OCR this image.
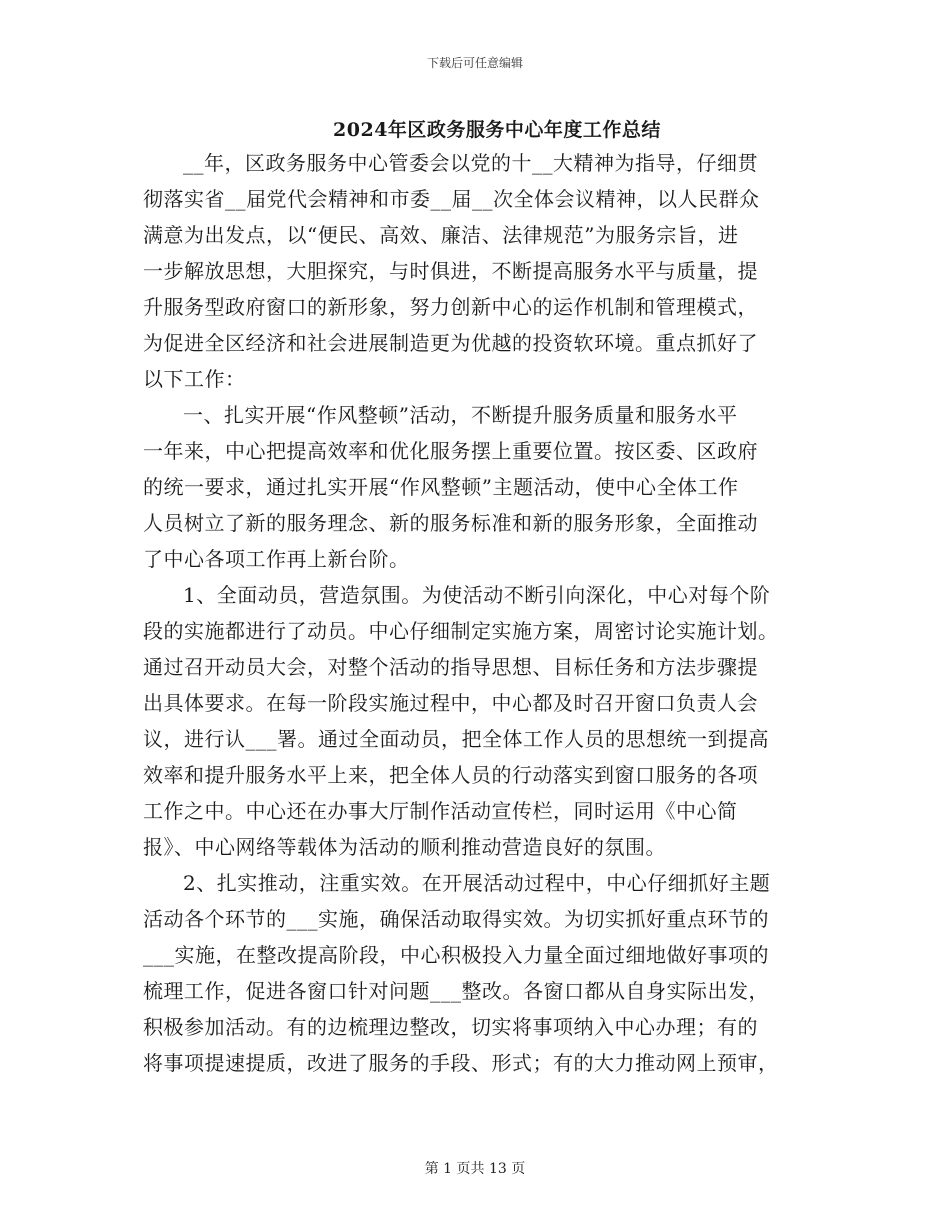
下载后可任意编辑
2024年区政务服务中心年度工作总结
__年，区政务服务中心管委会以党的十__大精神为指导，仔细贯
彻落实省__届党代会精神和市委__届__次全体会议精神，以人民群众
满意为出发点，以“便民、高效、廉洁、法律规范”为服务宗旨，进
一步解放思想，大胆探究，与时俱进，不断提高服务水平与质量，提
升服务型政府窗口的新形象，努力创新中心的运作机制和管理模式，
为促进全区经济和社会进展制造更为优越的投资软环境。重点抓好了
以下工作：
一、扎实开展“作风整顿”活动，不断提升服务质量和服务水平
一年来，中心把提高效率和优化服务摆上重要位置。按区委、区政府
的统一要求，通过扎实开展“作风整顿”主题活动，使中心全体工作
人员树立了新的服务理念、新的服务标准和新的服务形象，全面推动
了中心各项工作再上新台阶。
1、全面动员，营造氛围。为使活动不断引向深化，中心对每个阶
段的实施都进行了动员。中心仔细制定实施方案，周密讨论实施计划。
通过召开动员大会，对整个活动的指导思想、目标任务和方法步骤提
出具体要求。在每一阶段实施过程中，中心都及时召开窗口负责人会
议，进行认___署。通过全面动员，把全体工作人员的思想统一到提高
效率和提升服务水平上来，把全体人员的行动落实到窗口服务的各项
工作之中。中心还在办事大厅制作活动宣传栏，同时运用《中心简
报》、中心网络等载体为活动的顺利推动营造良好的氛围。
2、扎实推动，注重实效。在开展活动过程中，中心仔细抓好主题
活动各个环节的___实施，确保活动取得实效。为切实抓好重点环节的
___实施，在整改提高阶段，中心积极投入力量全面过细地做好事项的
梳理工作，促进各窗口针对问题___整改。各窗口都从自身实际出发，
积极参加活动。有的边梳理边整改，切实将事项纳入中心办理；有的
将事项提速提质，改进了服务的手段、形式；有的大力推动网上预审，
第 1 页共 13 页
